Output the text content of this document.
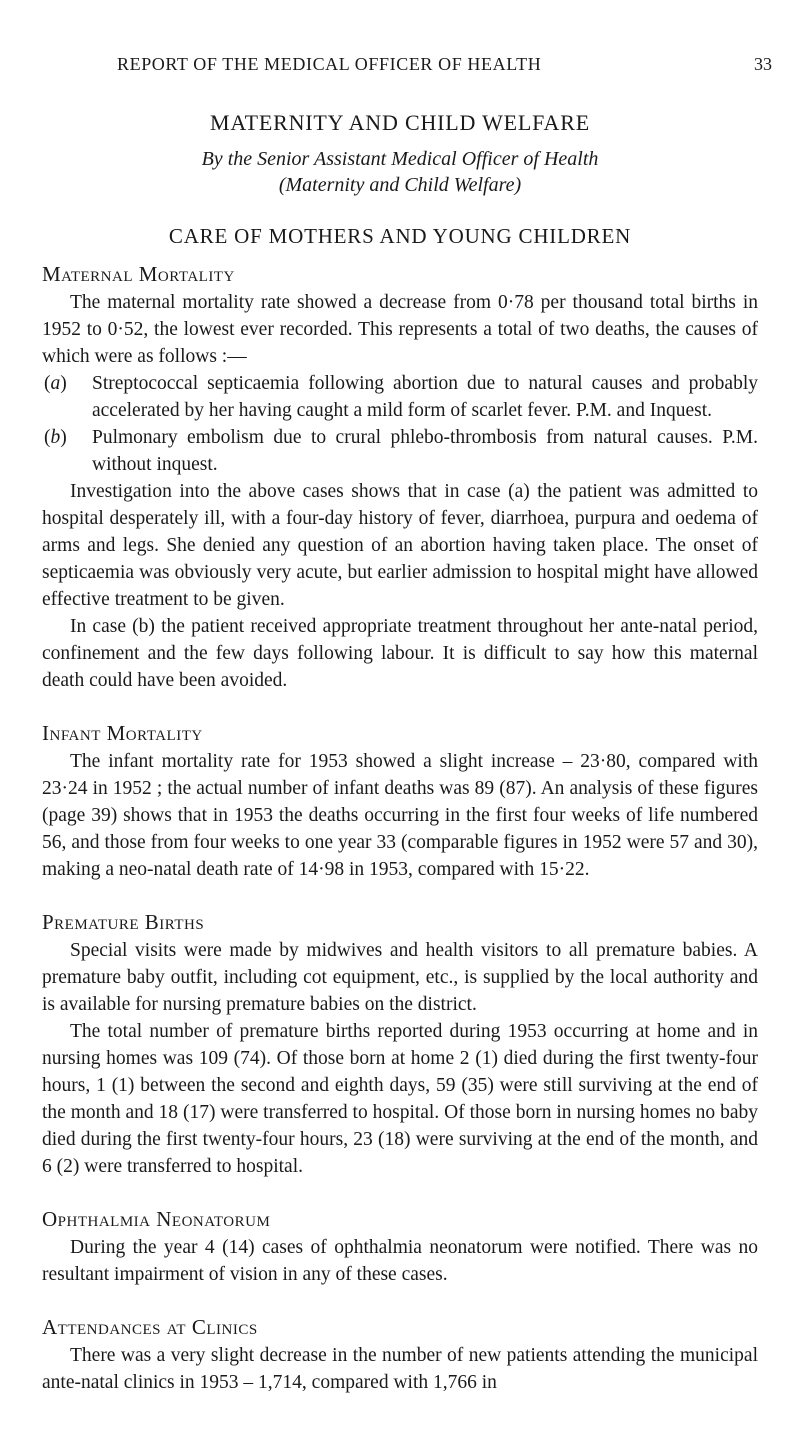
REPORT OF THE MEDICAL OFFICER OF HEALTH	33
MATERNITY AND CHILD WELFARE
By the Senior Assistant Medical Officer of Health
(Maternity and Child Welfare)
CARE OF MOTHERS AND YOUNG CHILDREN
Maternal Mortality

The maternal mortality rate showed a decrease from 0·78 per thousand total births in 1952 to 0·52, the lowest ever recorded. This represents a total of two deaths, the causes of which were as follows :—

(a)	Streptococcal septicaemia following abortion due to natural causes and probably accelerated by her having caught a mild form of scarlet fever. P.M. and Inquest.
(b)	Pulmonary embolism due to crural phlebo-thrombosis from natural causes. P.M. without inquest.

Investigation into the above cases shows that in case (a) the patient was admitted to hospital desperately ill, with a four-day history of fever, diarrhoea, purpura and oedema of arms and legs. She denied any question of an abortion having taken place. The onset of septicaemia was obviously very acute, but earlier admission to hospital might have allowed effective treatment to be given.

In case (b) the patient received appropriate treatment throughout her ante-natal period, confinement and the few days following labour. It is difficult to say how this maternal death could have been avoided.

Infant Mortality

The infant mortality rate for 1953 showed a slight increase – 23·80, compared with 23·24 in 1952 ; the actual number of infant deaths was 89 (87). An analysis of these figures (page 39) shows that in 1953 the deaths occurring in the first four weeks of life numbered 56, and those from four weeks to one year 33 (comparable figures in 1952 were 57 and 30), making a neo-natal death rate of 14·98 in 1953, compared with 15·22.

Premature Births

Special visits were made by midwives and health visitors to all premature babies. A premature baby outfit, including cot equipment, etc., is supplied by the local authority and is available for nursing premature babies on the district.

The total number of premature births reported during 1953 occurring at home and in nursing homes was 109 (74). Of those born at home 2 (1) died during the first twenty-four hours, 1 (1) between the second and eighth days, 59 (35) were still surviving at the end of the month and 18 (17) were transferred to hospital. Of those born in nursing homes no baby died during the first twenty-four hours, 23 (18) were surviving at the end of the month, and 6 (2) were transferred to hospital.

Ophthalmia Neonatorum

During the year 4 (14) cases of ophthalmia neonatorum were notified. There was no resultant impairment of vision in any of these cases.

Attendances at Clinics

There was a very slight decrease in the number of new patients attending the municipal ante-natal clinics in 1953 – 1,714, compared with 1,766 in
